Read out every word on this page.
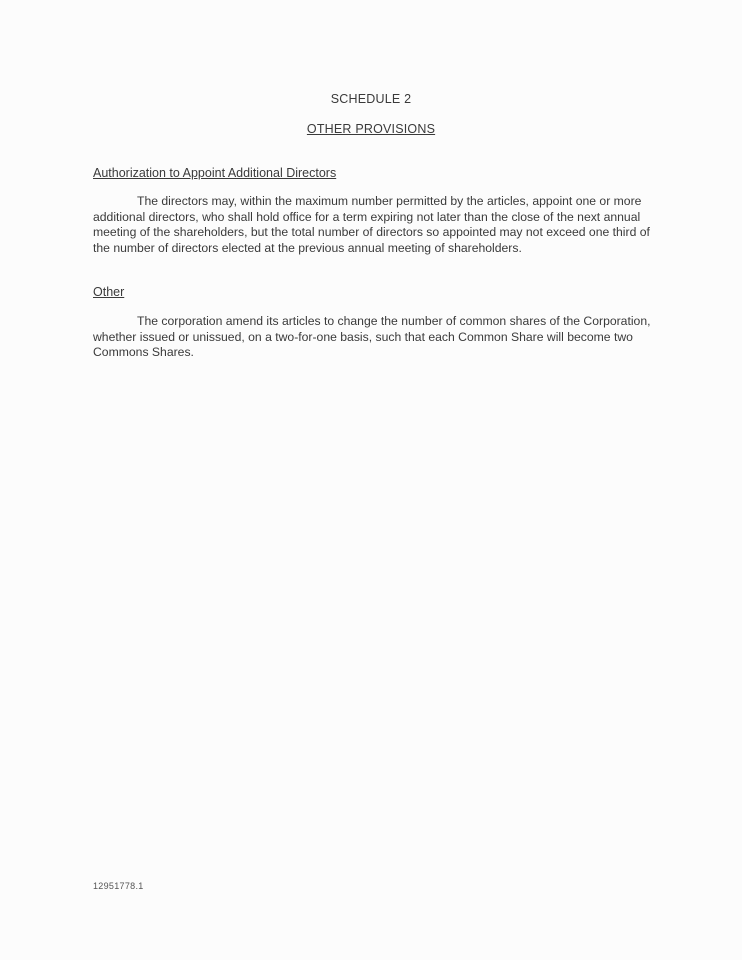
SCHEDULE 2
OTHER PROVISIONS
Authorization to Appoint Additional Directors

The directors may, within the maximum number permitted by the articles, appoint one or more additional directors, who shall hold office for a term expiring not later than the close of the next annual meeting of the shareholders, but the total number of directors so appointed may not exceed one third of the number of directors elected at the previous annual meeting of shareholders.

Other

The corporation amend its articles to change the number of common shares of the Corporation, whether issued or unissued, on a two-for-one basis, such that each Common Share will become two Commons Shares.

12951778.1
